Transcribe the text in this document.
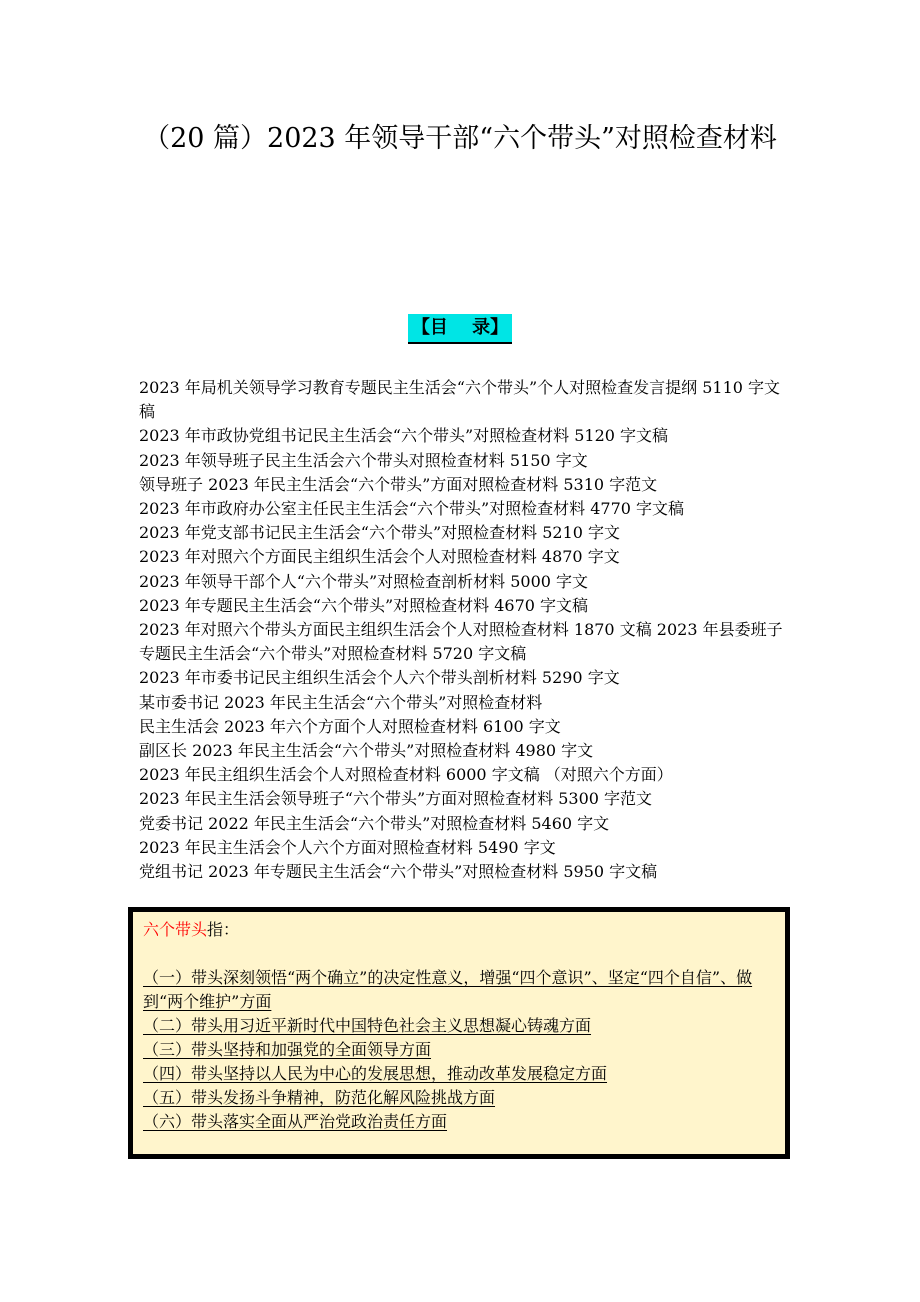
（20 篇）2023 年领导干部“六个带头”对照检查材料
【目　 录】
2023 年局机关领导学习教育专题民主生活会“六个带头”个人对照检查发言提纲 5110 字文稿
2023 年市政协党组书记民主生活会“六个带头”对照检查材料 5120 字文稿
2023 年领导班子民主生活会六个带头对照检查材料 5150 字文
领导班子 2023 年民主生活会“六个带头”方面对照检查材料 5310 字范文
2023 年市政府办公室主任民主生活会“六个带头”对照检查材料 4770 字文稿
2023 年党支部书记民主生活会“六个带头”对照检查材料 5210 字文
2023 年对照六个方面民主组织生活会个人对照检查材料 4870 字文
2023 年领导干部个人“六个带头”对照检查剖析材料 5000 字文
2023 年专题民主生活会“六个带头”对照检查材料 4670 字文稿
2023 年对照六个带头方面民主组织生活会个人对照检查材料 1870 文稿 2023 年县委班子专题民主生活会“六个带头”对照检查材料 5720 字文稿
2023 年市委书记民主组织生活会个人六个带头剖析材料 5290 字文
某市委书记 2023 年民主生活会“六个带头”对照检查材料
民主生活会 2023 年六个方面个人对照检查材料 6100 字文
副区长 2023 年民主生活会“六个带头”对照检查材料 4980 字文
2023 年民主组织生活会个人对照检查材料 6000 字文稿 （对照六个方面）
2023 年民主生活会领导班子“六个带头”方面对照检查材料 5300 字范文
党委书记 2022 年民主生活会“六个带头”对照检查材料 5460 字文
2023 年民主生活会个人六个方面对照检查材料 5490 字文
党组书记 2023 年专题民主生活会“六个带头”对照检查材料 5950 字文稿

六个带头指：

（一）带头深刻领悟“两个确立”的决定性意义，增强“四个意识”、坚定“四个自信”、做到“两个维护”方面

（二）带头用习近平新时代中国特色社会主义思想凝心铸魂方面

（三）带头坚持和加强党的全面领导方面

（四）带头坚持以人民为中心的发展思想，推动改革发展稳定方面

（五）带头发扬斗争精神，防范化解风险挑战方面

（六）带头落实全面从严治党政治责任方面
